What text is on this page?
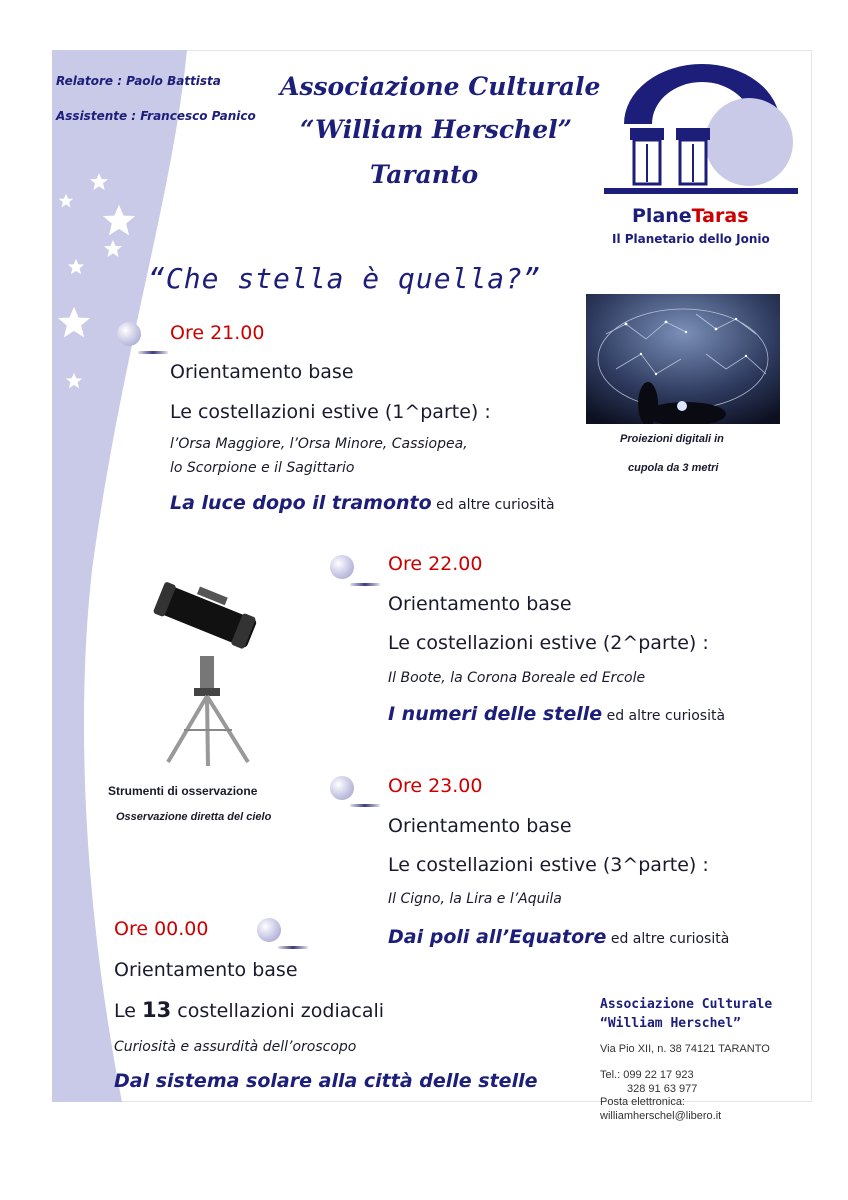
Relatore : Paolo Battista
Assistente : Francesco Panico
Associazione Culturale
“William Herschel”
Taranto
PlaneTaras
Il Planetario dello Jonio
“Che stella è quella?”
Proiezioni digitali in
cupola da 3 metri
Strumenti di osservazione
Osservazione diretta del cielo
Ore 21.00
Orientamento base
Le costellazioni estive (1^parte) :
l’Orsa Maggiore, l’Orsa Minore, Cassiopea,
lo Scorpione e il Sagittario
La luce dopo il tramonto ed altre curiosità
Ore 22.00
Orientamento base
Le costellazioni estive (2^parte) :
Il Boote, la Corona Boreale ed Ercole
I numeri delle stelle ed altre curiosità
Ore 23.00
Orientamento base
Le costellazioni estive (3^parte) :
Il Cigno, la Lira e l’Aquila
Dai poli all’Equatore ed altre curiosità
Ore 00.00
Orientamento base
Le 13 costellazioni zodiacali
Curiosità e assurdità dell’oroscopo
Dal sistema solare alla città delle stelle
Associazione Culturale
“William Herschel”
Via Pio XII, n. 38 74121 TARANTO
Tel.: 099 22 17 923
328 91 63 977
Posta elettronica:
williamherschel@libero.it
